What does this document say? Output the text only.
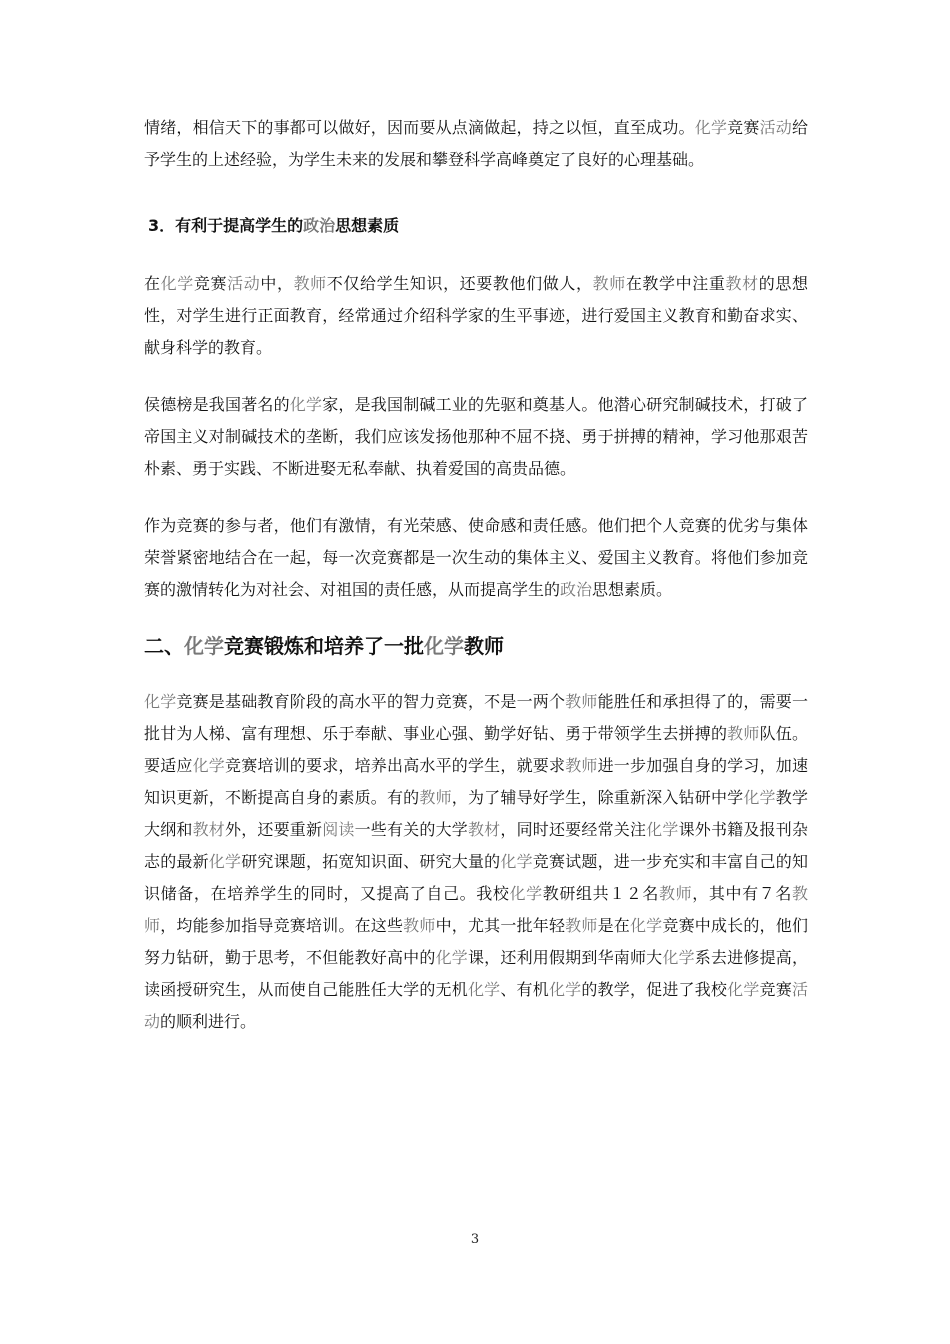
情绪，相信天下的事都可以做好，因而要从点滴做起，持之以恒，直至成功。化学竞赛活动给予学生的上述经验，为学生未来的发展和攀登科学高峰奠定了良好的心理基础。

3．有利于提高学生的政治思想素质

在化学竞赛活动中，教师不仅给学生知识，还要教他们做人，教师在教学中注重教材的思想性，对学生进行正面教育，经常通过介绍科学家的生平事迹，进行爱国主义教育和勤奋求实、献身科学的教育。

侯德榜是我国著名的化学家，是我国制碱工业的先驱和奠基人。他潜心研究制碱技术，打破了帝国主义对制碱技术的垄断，我们应该发扬他那种不屈不挠、勇于拼搏的精神，学习他那艰苦朴素、勇于实践、不断进娶无私奉献、执着爱国的高贵品德。

作为竞赛的参与者，他们有激情，有光荣感、使命感和责任感。他们把个人竞赛的优劣与集体荣誉紧密地结合在一起，每一次竞赛都是一次生动的集体主义、爱国主义教育。将他们参加竞赛的激情转化为对社会、对祖国的责任感，从而提高学生的政治思想素质。

二、化学竞赛锻炼和培养了一批化学教师

化学竞赛是基础教育阶段的高水平的智力竞赛，不是一两个教师能胜任和承担得了的，需要一批甘为人梯、富有理想、乐于奉献、事业心强、勤学好钻、勇于带领学生去拼搏的教师队伍。要适应化学竞赛培训的要求，培养出高水平的学生，就要求教师进一步加强自身的学习，加速知识更新，不断提高自身的素质。有的教师，为了辅导好学生，除重新深入钻研中学化学教学大纲和教材外，还要重新阅读一些有关的大学教材，同时还要经常关注化学课外书籍及报刊杂志的最新化学研究课题，拓宽知识面、研究大量的化学竞赛试题，进一步充实和丰富自己的知识储备，在培养学生的同时，又提高了自己。我校化学教研组共１２名教师，其中有７名教师，均能参加指导竞赛培训。在这些教师中，尤其一批年轻教师是在化学竞赛中成长的，他们努力钻研，勤于思考，不但能教好高中的化学课，还利用假期到华南师大化学系去进修提高，读函授研究生，从而使自己能胜任大学的无机化学、有机化学的教学，促进了我校化学竞赛活动的顺利进行。

3
